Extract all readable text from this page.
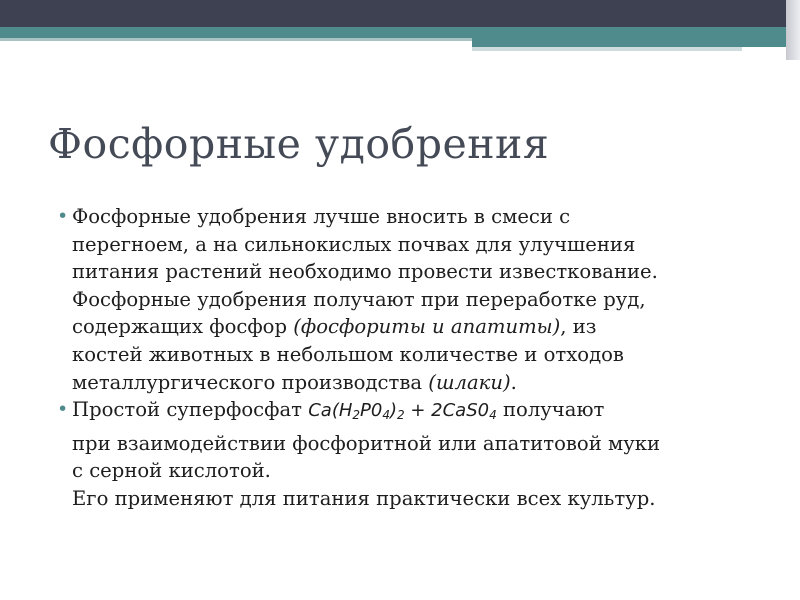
Фосфорные удобрения
• Фосфорные удобрения лучше вносить в смеси с
перегноем, а на сильнокислых почвах для улучшения
питания растений необходимо провести известкование.
Фосфорные удобрения получают при переработке руд,
содержащих фосфор (фосфориты и апатиты), из
костей животных в небольшом количестве и отходов
металлургического производства (шлаки).
• Простой суперфосфат $Ca(H_2P0_4)_2 + 2CaS0_4$ получают
при взаимодействии фосфоритной или апатитовой муки
с серной кислотой.
Его применяют для питания практически всех культур.
